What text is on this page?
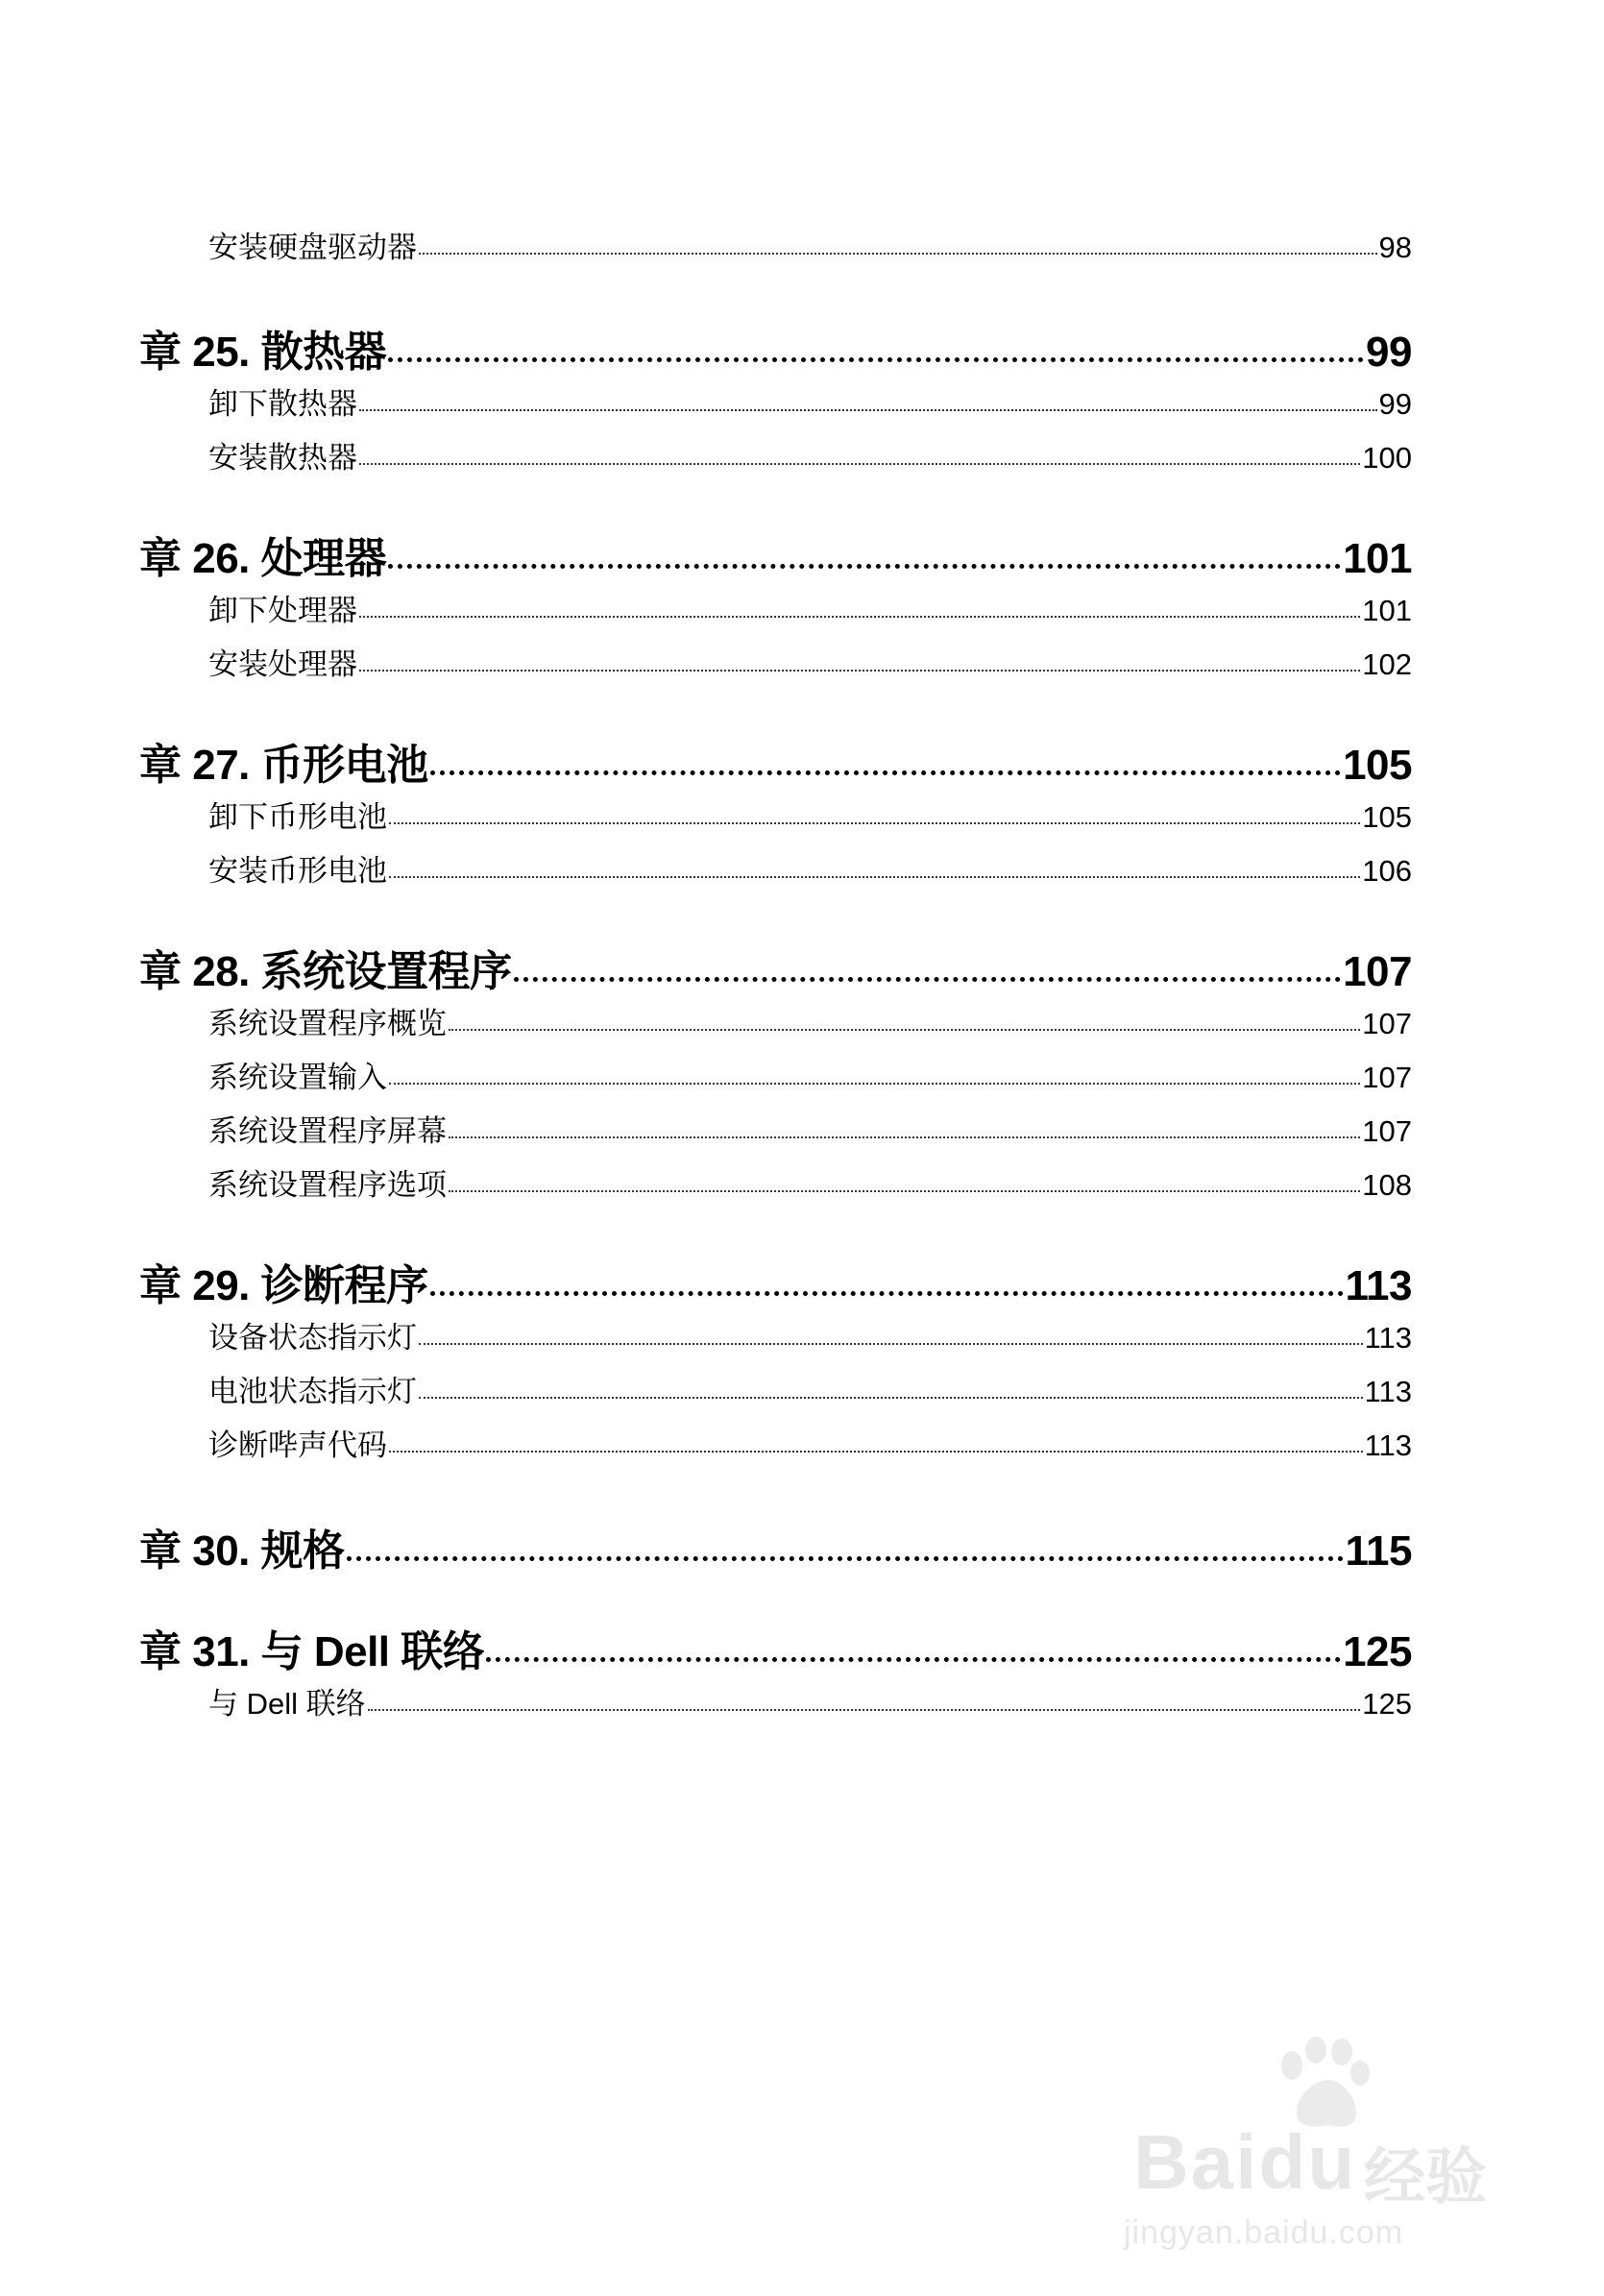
安装硬盘驱动器	98
章 25. 散热器	99
卸下散热器	99
安装散热器	100
章 26. 处理器	101
卸下处理器	101
安装处理器	102
章 27. 币形电池	105
卸下币形电池	105
安装币形电池	106
章 28. 系统设置程序	107
系统设置程序概览	107
系统设置输入	107
系统设置程序屏幕	107
系统设置程序选项	108
章 29. 诊断程序	113
设备状态指示灯	113
电池状态指示灯	113
诊断哔声代码	113
章 30. 规格	115
章 31. 与 Dell 联络	125
与 Dell 联络	125
Baidu 经验
jingyan.baidu.com
